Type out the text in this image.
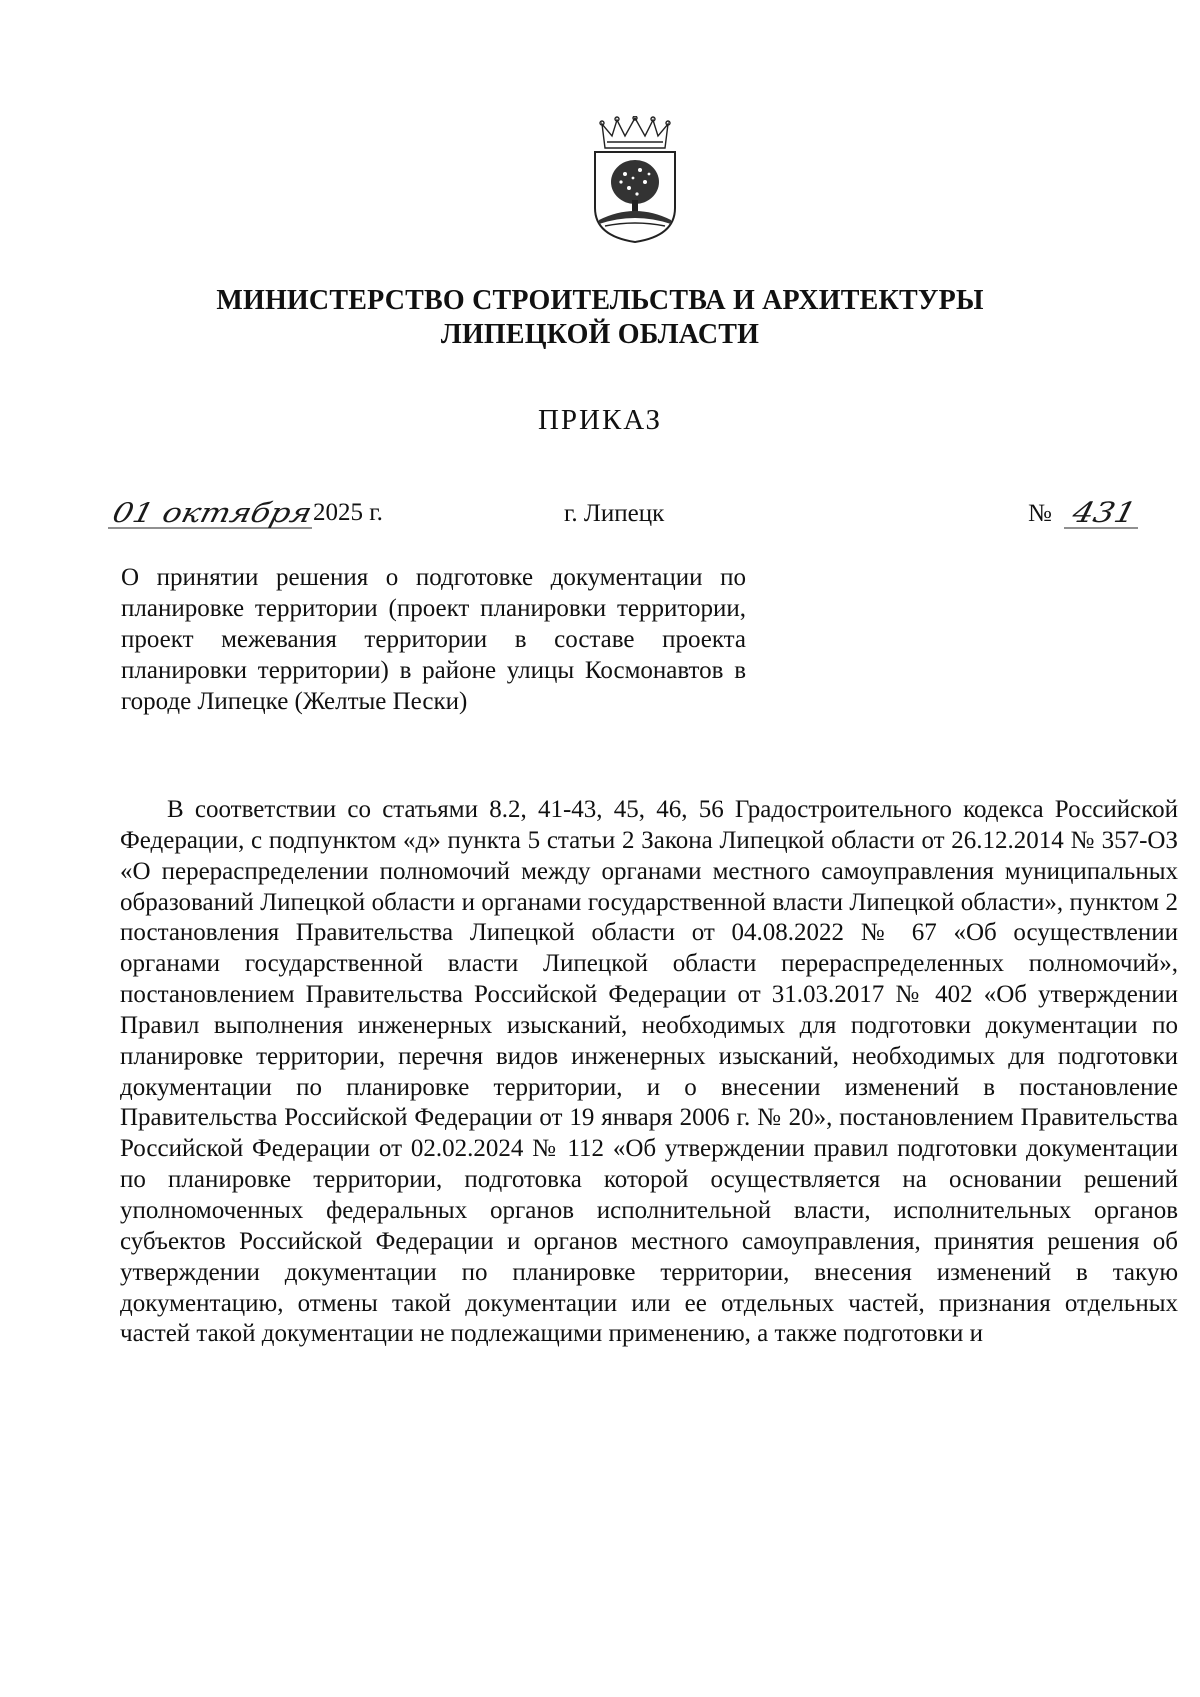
МИНИСТЕРСТВО СТРОИТЕЛЬСТВА И АРХИТЕКТУРЫ
ЛИПЕЦКОЙ ОБЛАСТИ
ПРИКАЗ
01 октября	2025 г.	г. Липецк	№ 431
О принятии решения о подготовке документации по планировке территории (проект планировки территории, проект межевания территории в составе проекта планировки территории) в районе улицы Космонавтов в городе Липецке (Желтые Пески)

В соответствии со статьями 8.2, 41-43, 45, 46, 56 Градостроительного кодекса Российской Федерации, с подпунктом «д» пункта 5 статьи 2 Закона Липецкой области от 26.12.2014 № 357-ОЗ «О перераспределении полномочий между органами местного самоуправления муниципальных образований Липецкой области и органами государственной власти Липецкой области», пунктом 2 постановления Правительства Липецкой области от 04.08.2022 № 67 «Об осуществлении органами государственной власти Липецкой области перераспределенных полномочий», постановлением Правительства Российской Федерации от 31.03.2017 № 402 «Об утверждении Правил выполнения инженерных изысканий, необходимых для подготовки документации по планировке территории, перечня видов инженерных изысканий, необходимых для подготовки документации по планировке территории, и о внесении изменений в постановление Правительства Российской Федерации от 19 января 2006 г. № 20», постановлением Правительства Российской Федерации от 02.02.2024 № 112 «Об утверждении правил подготовки документации по планировке территории, подготовка которой осуществляется на основании решений уполномоченных федеральных органов исполнительной власти, исполнительных органов субъектов Российской Федерации и органов местного самоуправления, принятия решения об утверждении документации по планировке территории, внесения изменений в такую документацию, отмены такой документации или ее отдельных частей, признания отдельных частей такой документации не подлежащими применению, а также подготовки и
